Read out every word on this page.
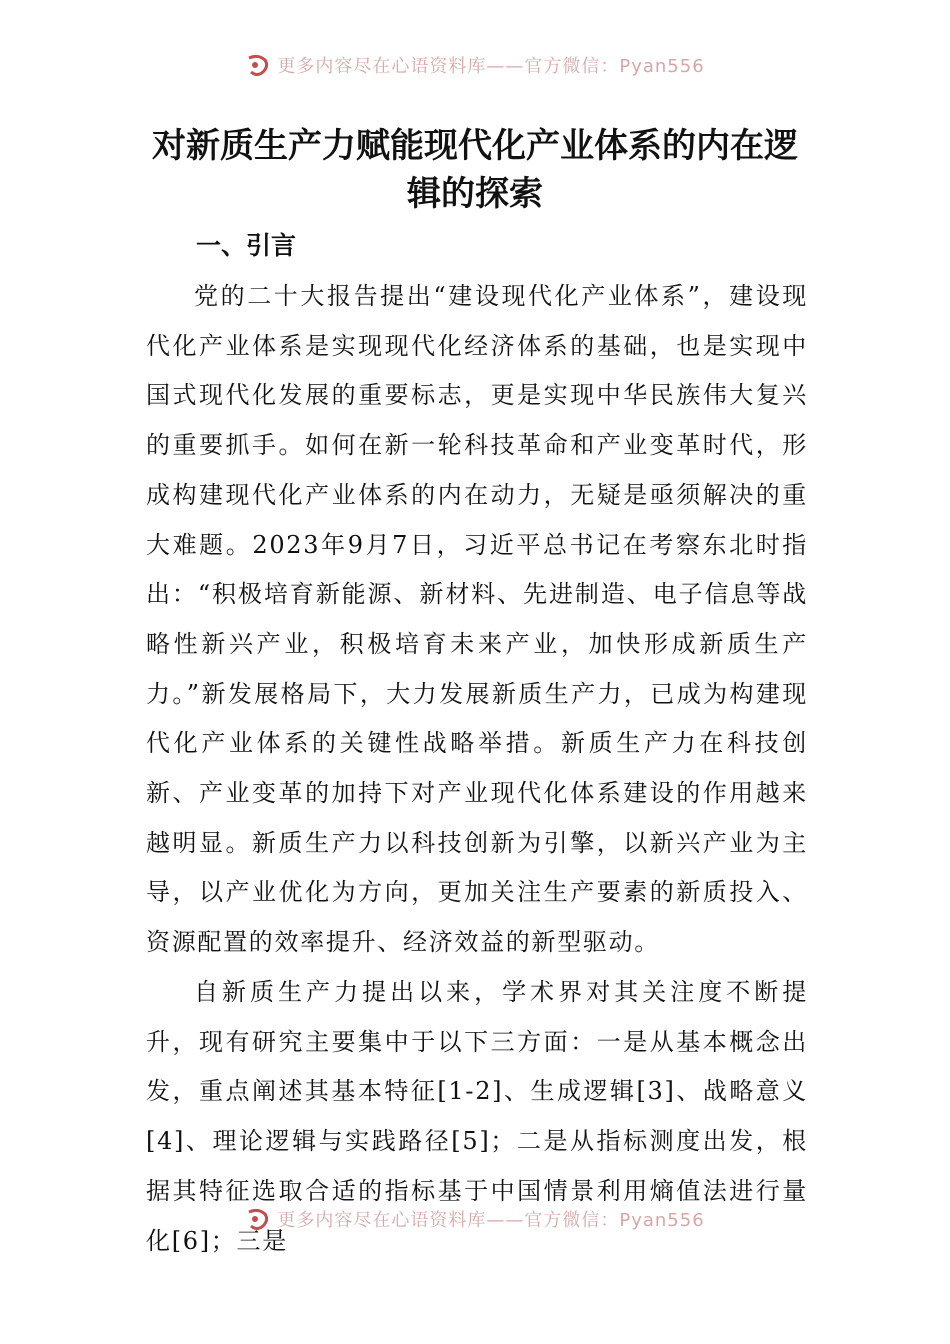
更多内容尽在心语资料库——官方微信：Pyan556
对新质生产力赋能现代化产业体系的内在逻辑的探索
一、引言

党的二十大报告提出“建设现代化产业体系”，建设现代化产业体系是实现现代化经济体系的基础，也是实现中国式现代化发展的重要标志，更是实现中华民族伟大复兴的重要抓手。如何在新一轮科技革命和产业变革时代，形成构建现代化产业体系的内在动力，无疑是亟须解决的重大难题。2023年9月7日，习近平总书记在考察东北时指出：“积极培育新能源、新材料、先进制造、电子信息等战略性新兴产业，积极培育未来产业，加快形成新质生产力。”新发展格局下，大力发展新质生产力，已成为构建现代化产业体系的关键性战略举措。新质生产力在科技创新、产业变革的加持下对产业现代化体系建设的作用越来越明显。新质生产力以科技创新为引擎，以新兴产业为主导，以产业优化为方向，更加关注生产要素的新质投入、资源配置的效率提升、经济效益的新型驱动。

自新质生产力提出以来，学术界对其关注度不断提升，现有研究主要集中于以下三方面：一是从基本概念出发，重点阐述其基本特征[1-2]、生成逻辑[3]、战略意义[4]、理论逻辑与实践路径[5]；二是从指标测度出发，根据其特征选取合适的指标基于中国情景利用熵值法进行量化[6]；三是

更多内容尽在心语资料库——官方微信：Pyan556
